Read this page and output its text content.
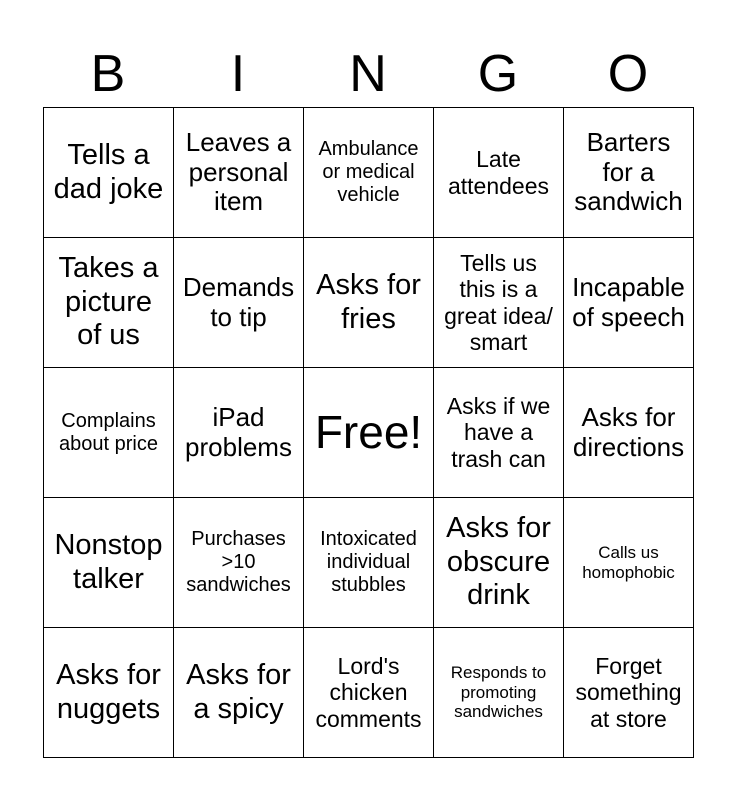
B	I	N	G	O
Tells a dad joke	Leaves a personal item	Ambulance or medical vehicle	Late attendees	Barters for a sandwich
Takes a picture of us	Demands to tip	Asks for fries	Tells us this is a great idea/ smart	Incapable of speech
Complains about price	iPad problems	Free!	Asks if we have a trash can	Asks for directions
Nonstop talker	Purchases >10 sandwiches	Intoxicated individual stubbles	Asks for obscure drink	Calls us homophobic
Asks for nuggets	Asks for a spicy	Lord's chicken comments	Responds to promoting sandwiches	Forget something at store
